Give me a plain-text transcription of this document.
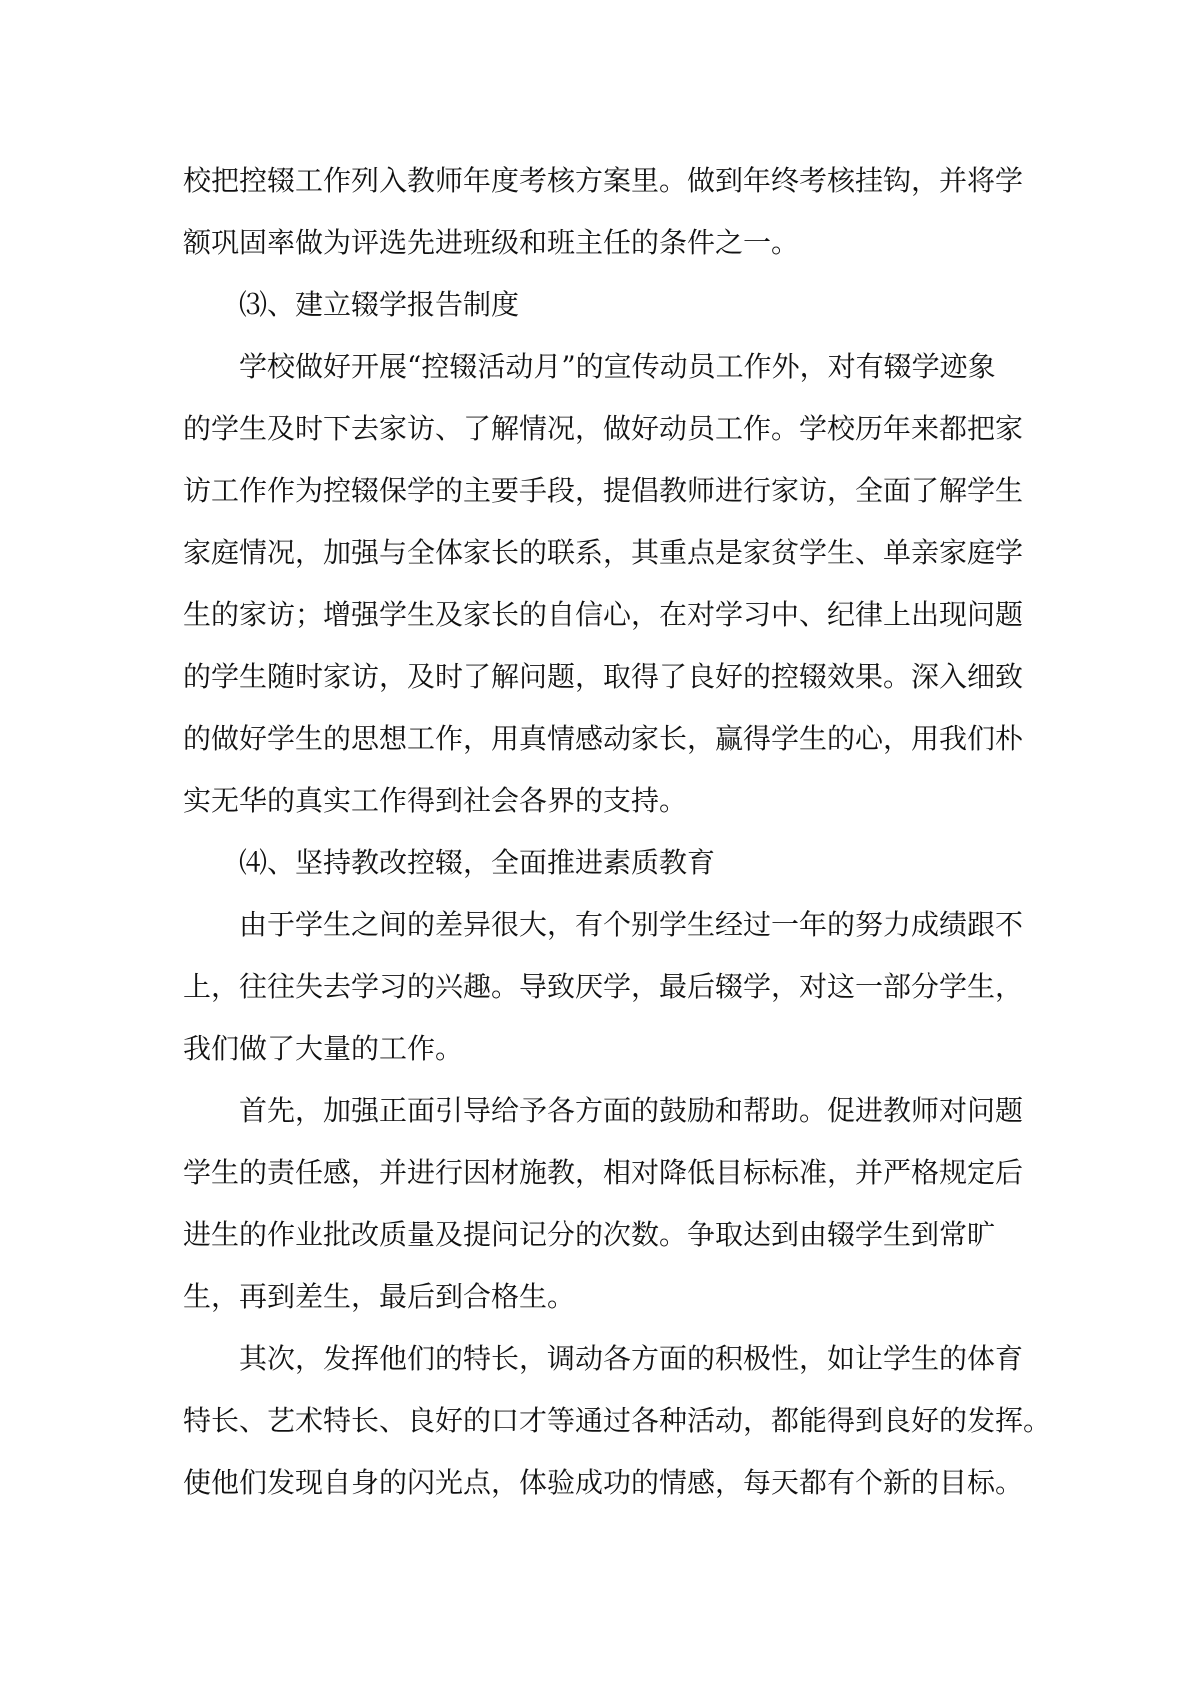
校把控辍工作列入教师年度考核方案里。做到年终考核挂钩，并将学
额巩固率做为评选先进班级和班主任的条件之一。
⑶、建立辍学报告制度
学校做好开展“控辍活动月”的宣传动员工作外，对有辍学迹象
的学生及时下去家访、了解情况，做好动员工作。学校历年来都把家
访工作作为控辍保学的主要手段，提倡教师进行家访，全面了解学生
家庭情况，加强与全体家长的联系，其重点是家贫学生、单亲家庭学
生的家访；增强学生及家长的自信心，在对学习中、纪律上出现问题
的学生随时家访，及时了解问题，取得了良好的控辍效果。深入细致
的做好学生的思想工作，用真情感动家长，赢得学生的心，用我们朴
实无华的真实工作得到社会各界的支持。
⑷、坚持教改控辍，全面推进素质教育
由于学生之间的差异很大，有个别学生经过一年的努力成绩跟不
上，往往失去学习的兴趣。导致厌学，最后辍学，对这一部分学生，
我们做了大量的工作。
首先，加强正面引导给予各方面的鼓励和帮助。促进教师对问题
学生的责任感，并进行因材施教，相对降低目标标准，并严格规定后
进生的作业批改质量及提问记分的次数。争取达到由辍学生到常旷
生，再到差生，最后到合格生。
其次，发挥他们的特长，调动各方面的积极性，如让学生的体育
特长、艺术特长、良好的口才等通过各种活动，都能得到良好的发挥。
使他们发现自身的闪光点，体验成功的情感，每天都有个新的目标。
